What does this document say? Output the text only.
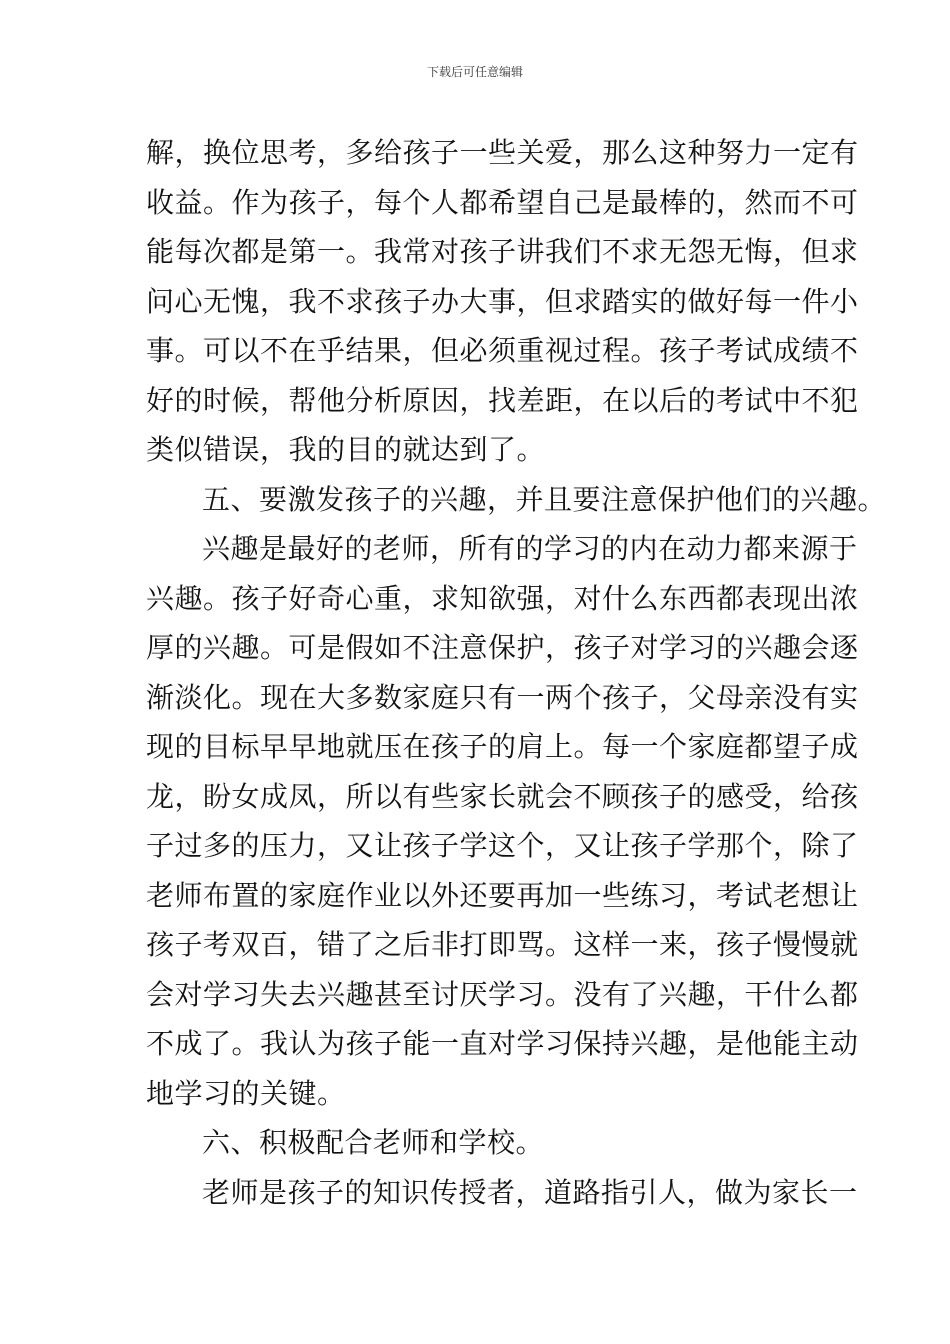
下载后可任意编辑
解，换位思考，多给孩子一些关爱，那么这种努力一定有
收益。作为孩子，每个人都希望自己是最棒的，然而不可
能每次都是第一。我常对孩子讲我们不求无怨无悔，但求
问心无愧，我不求孩子办大事，但求踏实的做好每一件小
事。可以不在乎结果，但必须重视过程。孩子考试成绩不
好的时候，帮他分析原因，找差距，在以后的考试中不犯
类似错误，我的目的就达到了。
五、要激发孩子的兴趣，并且要注意保护他们的兴趣。
兴趣是最好的老师，所有的学习的内在动力都来源于
兴趣。孩子好奇心重，求知欲强，对什么东西都表现出浓
厚的兴趣。可是假如不注意保护，孩子对学习的兴趣会逐
渐淡化。现在大多数家庭只有一两个孩子，父母亲没有实
现的目标早早地就压在孩子的肩上。每一个家庭都望子成
龙，盼女成凤，所以有些家长就会不顾孩子的感受，给孩
子过多的压力，又让孩子学这个，又让孩子学那个，除了
老师布置的家庭作业以外还要再加一些练习，考试老想让
孩子考双百，错了之后非打即骂。这样一来，孩子慢慢就
会对学习失去兴趣甚至讨厌学习。没有了兴趣，干什么都
不成了。我认为孩子能一直对学习保持兴趣，是他能主动
地学习的关键。
六、积极配合老师和学校。
老师是孩子的知识传授者，道路指引人，做为家长一
